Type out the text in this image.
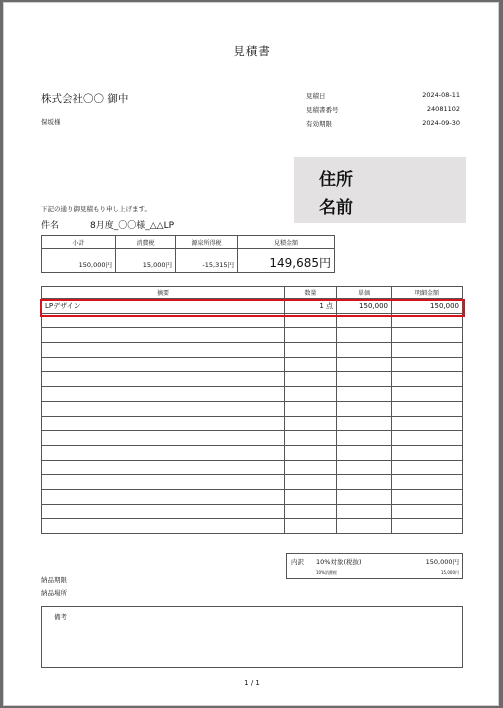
見積書
株式会社〇〇 御中
保坂様
見積日	2024-08-11
見積書番号	24081102
有効期限	2024-09-30
住所
名前
下記の通り御見積もり申し上げます。
件名	8月度_〇〇様_△△LP
小計	消費税	源泉所得税	見積金額
150,000円	15,000円	-15,315円	149,685円
摘要	数量	単価	明細金額
LPデザイン	1 点	150,000	150,000

内訳 10%対象(税抜)	150,000円
10%消費税	15,000円
納品期限
納品場所
備考
1 / 1
